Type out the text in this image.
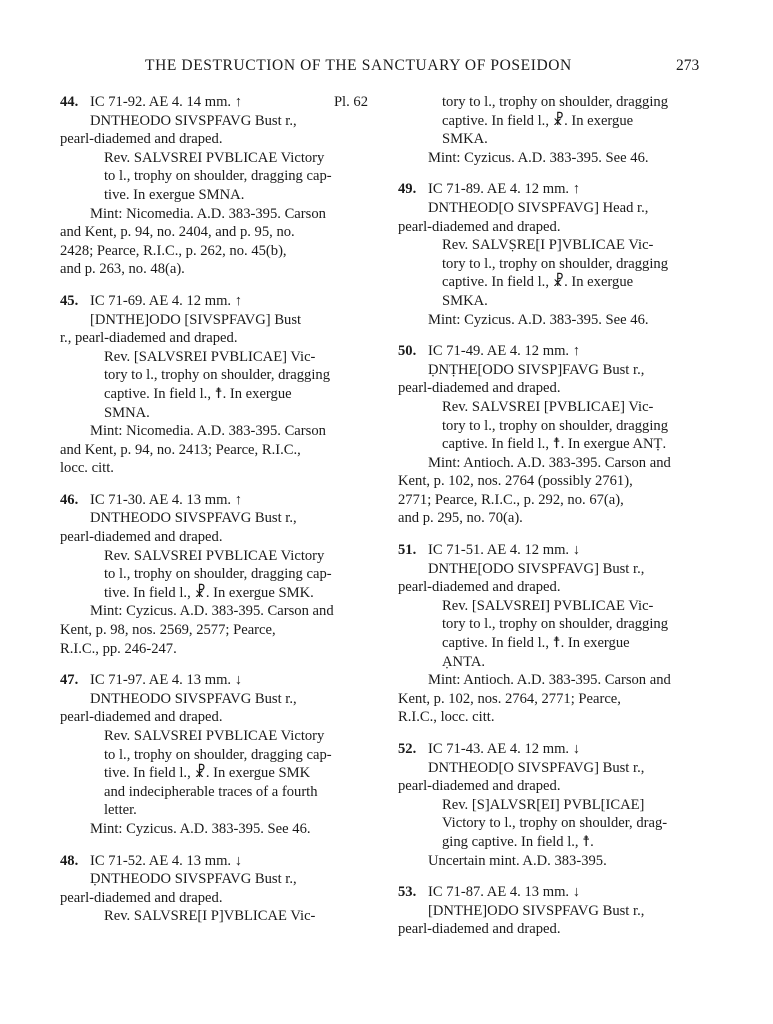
THE DESTRUCTION OF THE SANCTUARY OF POSEIDON	273
44. IC 71-92. AE 4. 14 mm. ↑	Pl. 62
DNTHEODO SIVSPFAVG Bust r.,
pearl-diademed and draped.
Rev. SALVSREI PVBLICAE Victory
to l., trophy on shoulder, dragging cap-
tive. In exergue SMNA.
Mint: Nicomedia. A.D. 383-395. Carson
and Kent, p. 94, no. 2404, and p. 95, no.
2428; Pearce, R.I.C., p. 262, no. 45(b),
and p. 263, no. 48(a).
45. IC 71-69. AE 4. 12 mm. ↑
[DNTHE]ODO [SIVSPFAVG] Bust
r., pearl-diademed and draped.
Rev. [SALVSREI PVBLICAE] Vic-
tory to l., trophy on shoulder, dragging
captive. In field l., ☨. In exergue
SMNA.
Mint: Nicomedia. A.D. 383-395. Carson
and Kent, p. 94, no. 2413; Pearce, R.I.C.,
locc. citt.
46. IC 71-30. AE 4. 13 mm. ↑
DNTHEODO SIVSPFAVG Bust r.,
pearl-diademed and draped.
Rev. SALVSREI PVBLICAE Victory
to l., trophy on shoulder, dragging cap-
tive. In field l., ☧. In exergue SMK.
Mint: Cyzicus. A.D. 383-395. Carson and
Kent, p. 98, nos. 2569, 2577; Pearce,
R.I.C., pp. 246-247.
47. IC 71-97. AE 4. 13 mm. ↓
DNTHEODO SIVSPFAVG Bust r.,
pearl-diademed and draped.
Rev. SALVSREI PVBLICAE Victory
to l., trophy on shoulder, dragging cap-
tive. In field l., ☧. In exergue SMK
and indecipherable traces of a fourth
letter.
Mint: Cyzicus. A.D. 383-395. See 46.
48. IC 71-52. AE 4. 13 mm. ↓
ḌNTHEODO SIVSPFAVG Bust r.,
pearl-diademed and draped.
Rev. SALVSRE[I P]VBLICAE Vic-
tory to l., trophy on shoulder, dragging
captive. In field l., ☧. In exergue
SMKA.
Mint: Cyzicus. A.D. 383-395. See 46.
49. IC 71-89. AE 4. 12 mm. ↑
DNTHEOD[O SIVSPFAVG] Head r.,
pearl-diademed and draped.
Rev. SALVṢRE[I P]VBLICAE Vic-
tory to l., trophy on shoulder, dragging
captive. In field l., ☧. In exergue
SMKA.
Mint: Cyzicus. A.D. 383-395. See 46.
50. IC 71-49. AE 4. 12 mm. ↑
ḌNṬHE[ODO SIVSP]FAVG Bust r.,
pearl-diademed and draped.
Rev. SALVSREI [PVBLICAE] Vic-
tory to l., trophy on shoulder, dragging
captive. In field l., ☨. In exergue ANṬ.
Mint: Antioch. A.D. 383-395. Carson and
Kent, p. 102, nos. 2764 (possibly 2761),
2771; Pearce, R.I.C., p. 292, no. 67(a),
and p. 295, no. 70(a).
51. IC 71-51. AE 4. 12 mm. ↓
DNTHE[ODO SIVSPFAVG] Bust r.,
pearl-diademed and draped.
Rev. [SALVSREI] PVBLICAE Vic-
tory to l., trophy on shoulder, dragging
captive. In field l., ☨. In exergue
ẠNTA.
Mint: Antioch. A.D. 383-395. Carson and
Kent, p. 102, nos. 2764, 2771; Pearce,
R.I.C., locc. citt.
52. IC 71-43. AE 4. 12 mm. ↓
DNTHEOD[O SIVSPFAVG] Bust r.,
pearl-diademed and draped.
Rev. [S]ALVSR[EI] PVBL[ICAE]
Victory to l., trophy on shoulder, drag-
ging captive. In field l., ☨.
Uncertain mint. A.D. 383-395.
53. IC 71-87. AE 4. 13 mm. ↓
[DNTHE]ODO SIVSPFAVG Bust r.,
pearl-diademed and draped.
